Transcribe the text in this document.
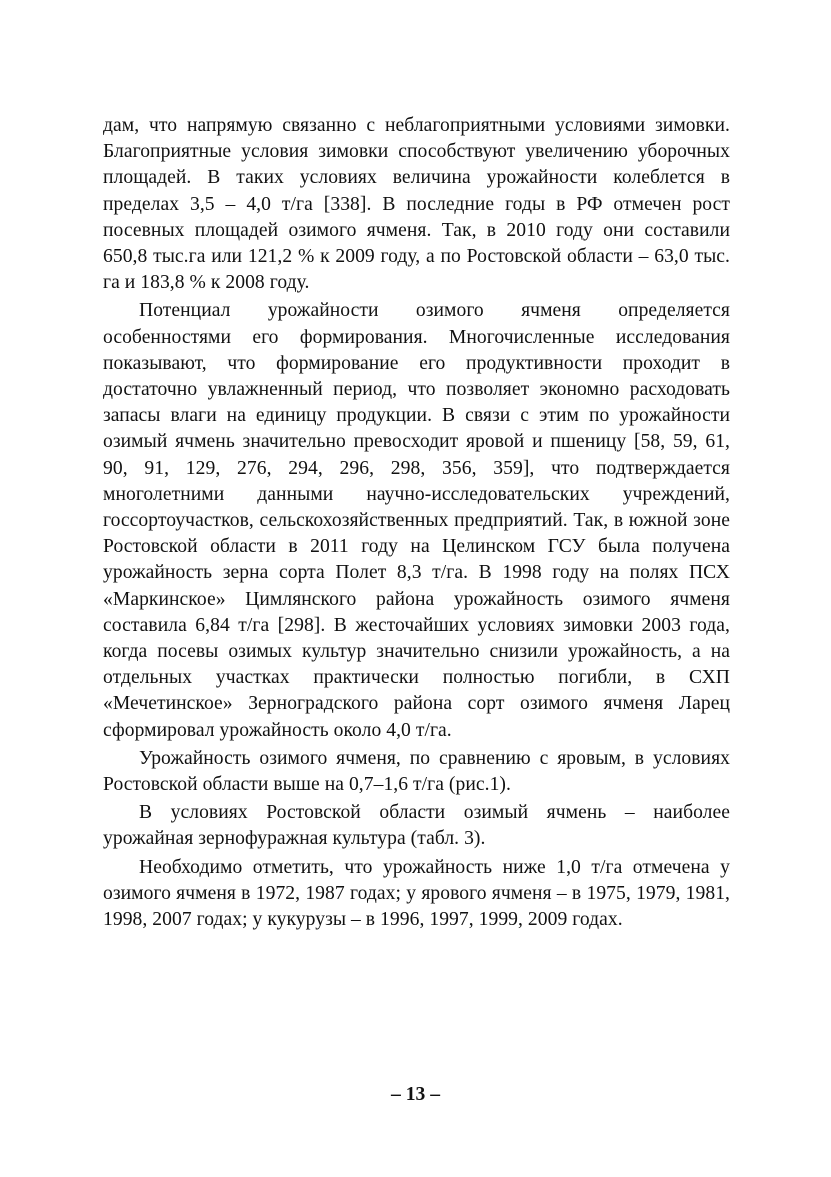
дам, что напрямую связанно с неблагоприятными условиями зимовки. Благоприятные условия зимовки способствуют увеличению уборочных площадей. В таких условиях величина урожайности колеблется в пределах 3,5 – 4,0 т/га [338]. В последние годы в РФ отмечен рост посевных площадей озимого ячменя. Так, в 2010 году они составили 650,8 тыс.га или 121,2 % к 2009 году, а по Ростовской области – 63,0 тыс. га и 183,8 % к 2008 году.

Потенциал урожайности озимого ячменя определяется особенностями его формирования. Многочисленные исследования показывают, что формирование его продуктивности проходит в достаточно увлажненный период, что позволяет экономно расходовать запасы влаги на единицу продукции. В связи с этим по урожайности озимый ячмень значительно превосходит яровой и пшеницу [58, 59, 61, 90, 91, 129, 276, 294, 296, 298, 356, 359], что подтверждается многолетними данными научно-исследовательских учреждений, госсортоучастков, сельскохозяйственных предприятий. Так, в южной зоне Ростовской области в 2011 году на Целинском ГСУ была получена урожайность зерна сорта Полет 8,3 т/га. В 1998 году на полях ПСХ «Маркинское» Цимлянского района урожайность озимого ячменя составила 6,84 т/га [298]. В жесточайших условиях зимовки 2003 года, когда посевы озимых культур значительно снизили урожайность, а на отдельных участках практически полностью погибли, в СХП «Мечетинское» Зерноградского района сорт озимого ячменя Ларец сформировал урожайность около 4,0 т/га.

Урожайность озимого ячменя, по сравнению с яровым, в условиях Ростовской области выше на 0,7–1,6 т/га (рис.1).

В условиях Ростовской области озимый ячмень – наиболее урожайная зернофуражная культура (табл. 3).

Необходимо отметить, что урожайность ниже 1,0 т/га отмечена у озимого ячменя в 1972, 1987 годах; у ярового ячменя – в 1975, 1979, 1981, 1998, 2007 годах; у кукурузы – в 1996, 1997, 1999, 2009 годах.

– 13 –
